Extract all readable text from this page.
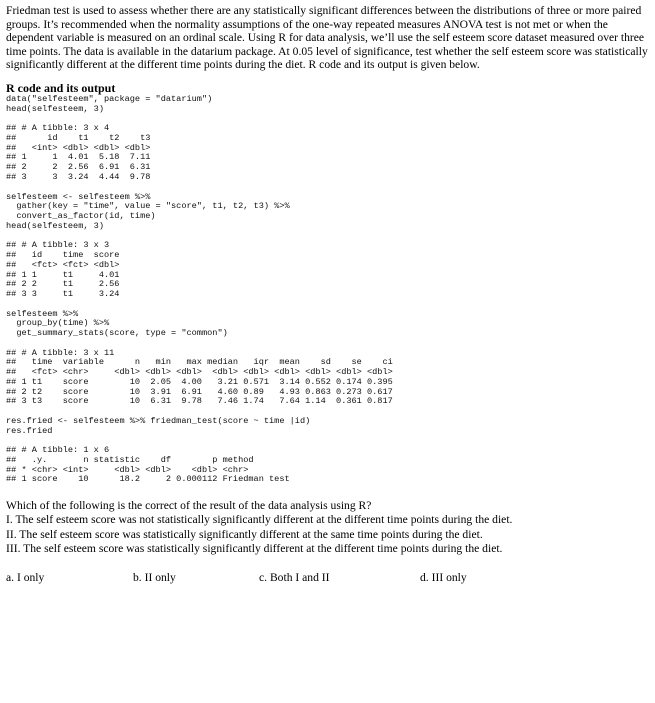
Friedman test is used to assess whether there are any statistically significant differences between the distributions of three or more paired groups. It’s recommended when the normality assumptions of the one-way repeated measures ANOVA test is not met or when the dependent variable is measured on an ordinal scale. Using R for data analysis, we’ll use the self esteem score dataset measured over three time points. The data is available in the datarium package. At 0.05 level of significance, test whether the self esteem score was statistically significantly different at the different time points during the diet. R code and its output is given below.

R code and its output
data("selfesteem", package = "datarium")
head(selfesteem, 3)
## # A tibble: 3 x 4
##      id    t1    t2    t3
##   <int> <dbl> <dbl> <dbl>
## 1     1  4.01  5.18  7.11
## 2     2  2.56  6.91  6.31
## 3     3  3.24  4.44  9.78
selfesteem <- selfesteem %>%
gather(key = "time", value = "score", t1, t2, t3) %>%
convert_as_factor(id, time)
head(selfesteem, 3)
## # A tibble: 3 x 3
##   id    time  score
##   <fct> <fct> <dbl>
## 1 1     t1     4.01
## 2 2     t1     2.56
## 3 3     t1     3.24
selfesteem %>%
group_by(time) %>%
get_summary_stats(score, type = "common")
## # A tibble: 3 x 11
##   time  variable      n   min   max median   iqr  mean    sd    se    ci
##   <fct> <chr>     <dbl> <dbl> <dbl>  <dbl> <dbl> <dbl> <dbl> <dbl> <dbl>
## 1 t1    score        10  2.05  4.00   3.21 0.571  3.14 0.552 0.174 0.395
## 2 t2    score        10  3.91  6.91   4.60 0.89   4.93 0.863 0.273 0.617
## 3 t3    score        10  6.31  9.78   7.46 1.74   7.64 1.14  0.361 0.817
res.fried <- selfesteem %>% friedman_test(score ~ time |id)
res.fried
## # A tibble: 1 x 6
##   .y.       n statistic    df        p method
## * <chr> <int>     <dbl> <dbl>    <dbl> <chr>
## 1 score    10      18.2     2 0.000112 Friedman test
Which of the following is the correct of the result of the data analysis using R?
I. The self esteem score was not statistically significantly different at the different time points during the diet.
II. The self esteem score was statistically significantly different at the same time points during the diet.
III. The self esteem score was statistically significantly different at the different time points during the diet.
a. I only	b. II only	c. Both I and II	d. III only
